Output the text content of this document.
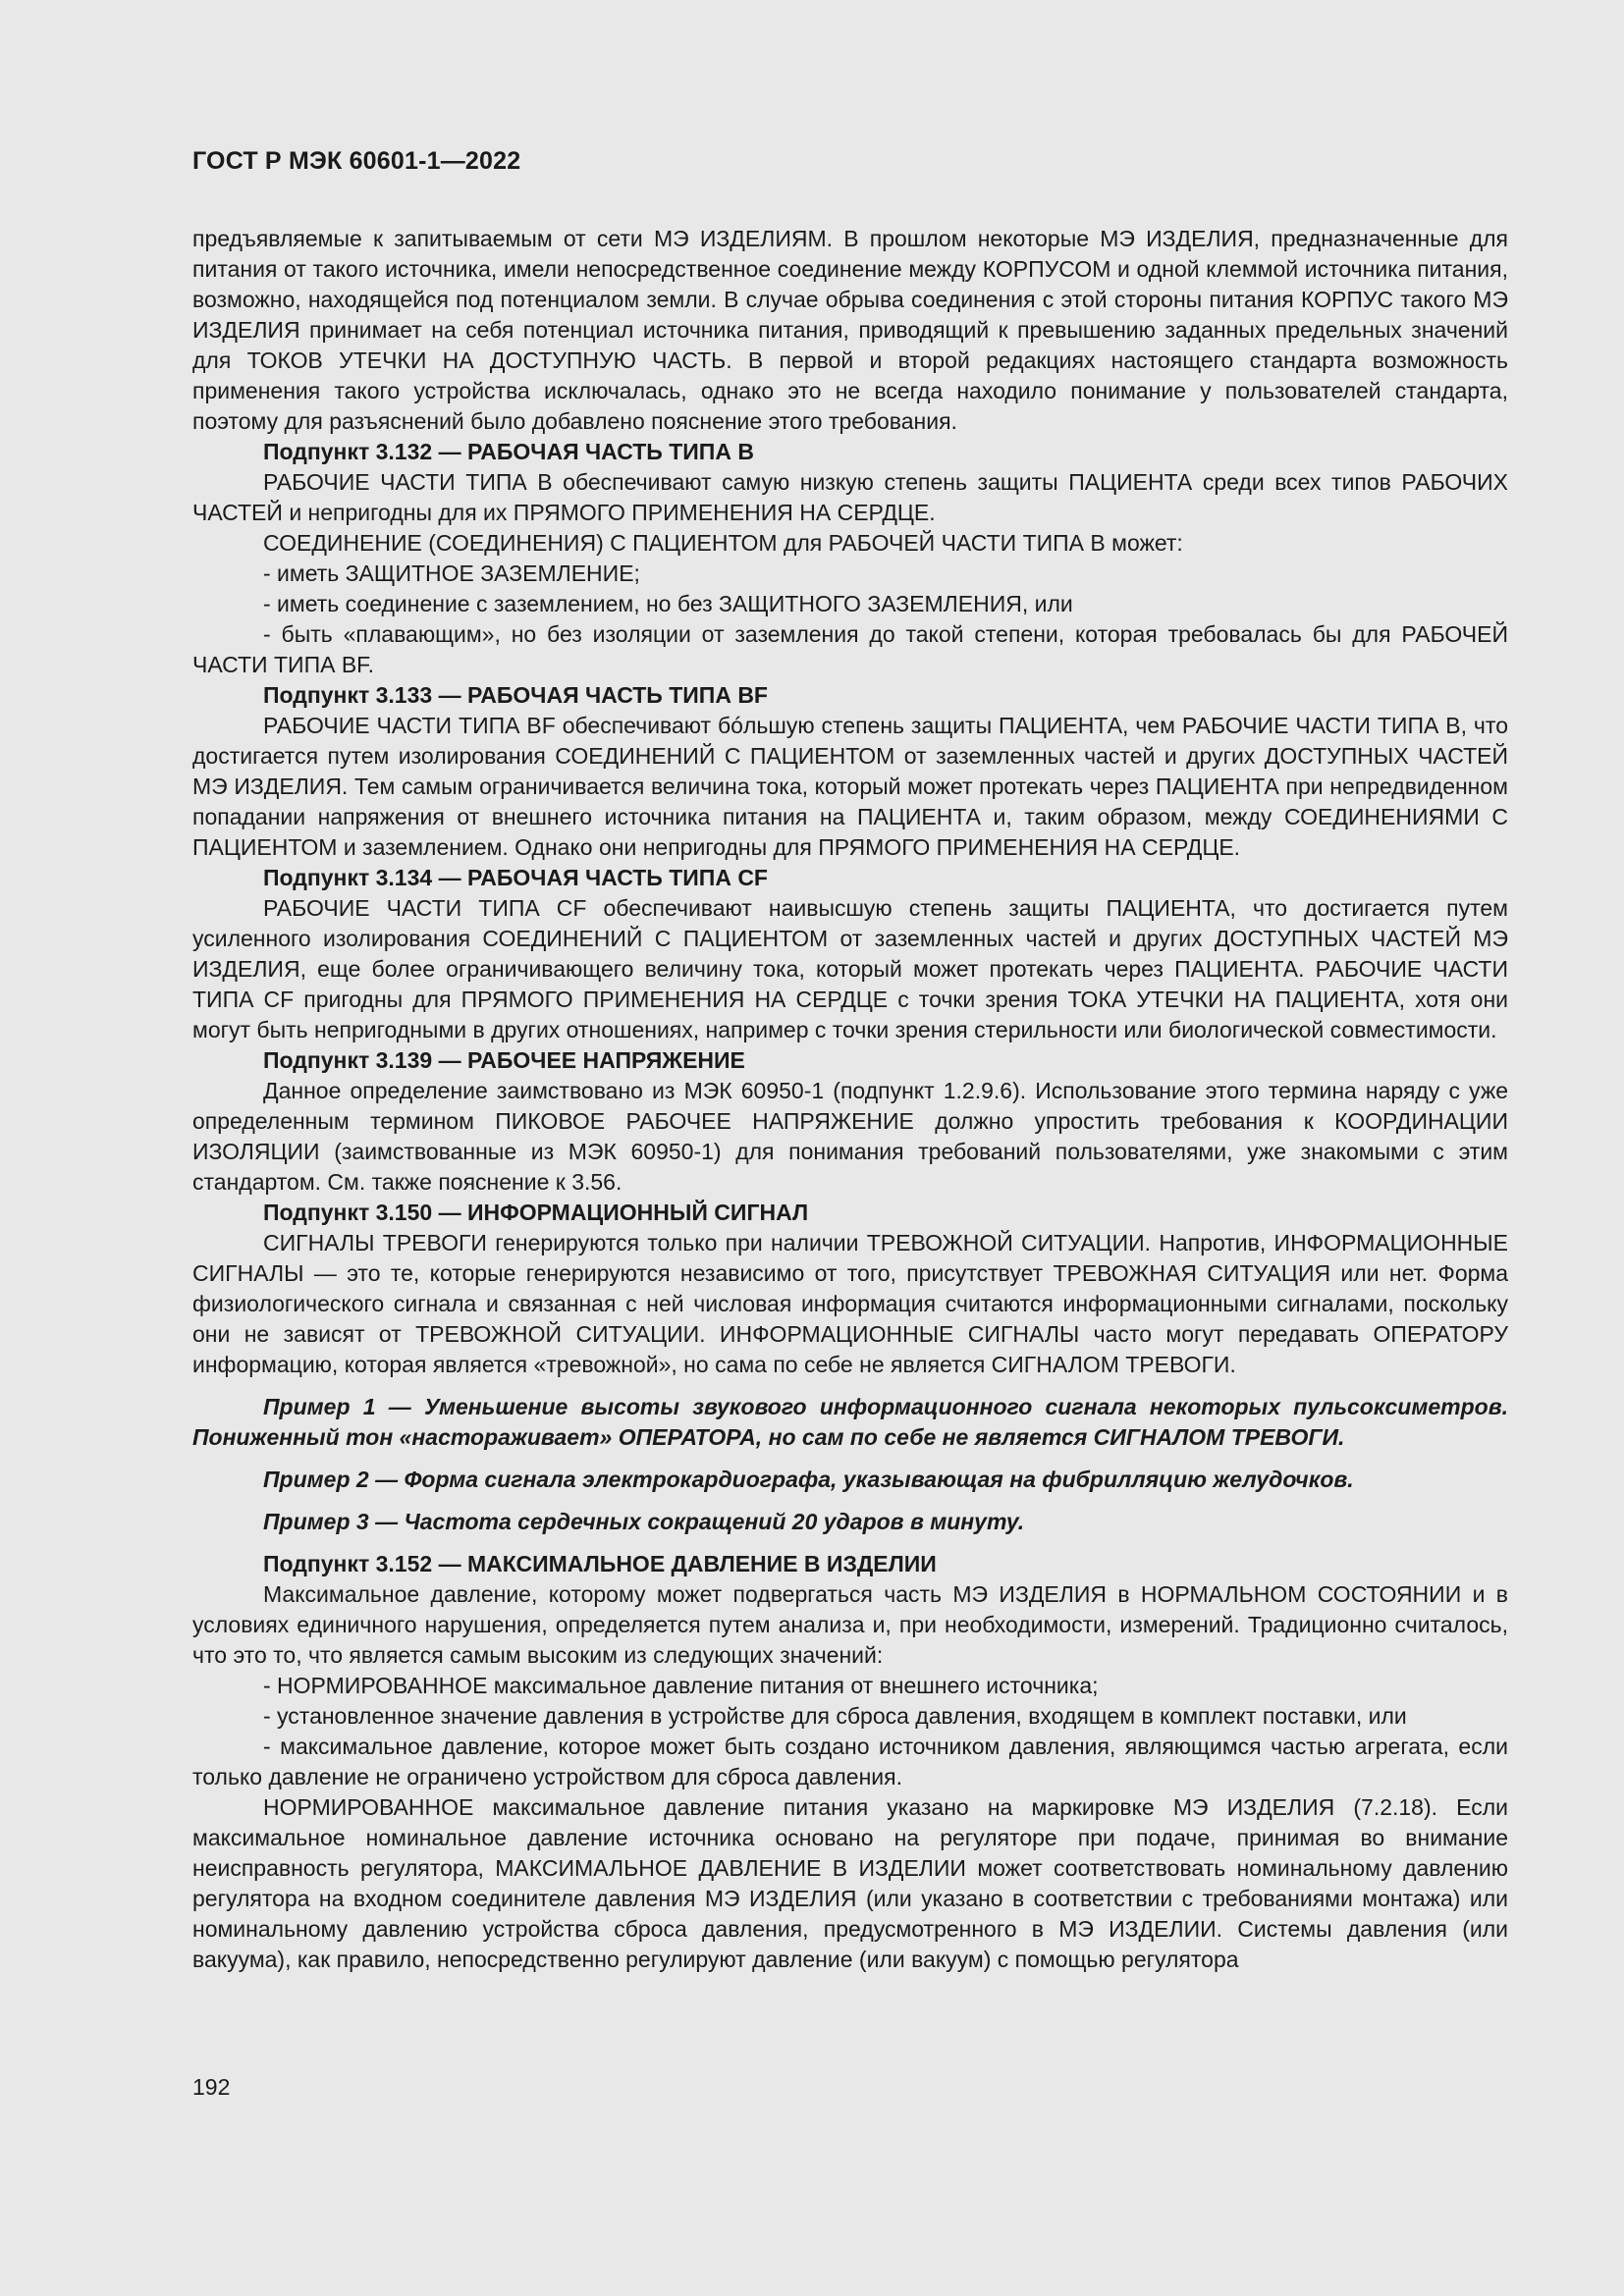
ГОСТ Р МЭК 60601-1—2022

предъявляемые к запитываемым от сети МЭ ИЗДЕЛИЯМ. В прошлом некоторые МЭ ИЗДЕЛИЯ, предназначенные для питания от такого источника, имели непосредственное соединение между КОРПУСОМ и одной клеммой источника питания, возможно, находящейся под потенциалом земли. В случае обрыва соединения с этой стороны питания КОРПУС такого МЭ ИЗДЕЛИЯ принимает на себя потенциал источника питания, приводящий к превышению заданных предельных значений для ТОКОВ УТЕЧКИ НА ДОСТУПНУЮ ЧАСТЬ. В первой и второй редакциях настоящего стандарта возможность применения такого устройства исключалась, однако это не всегда находило понимание у пользователей стандарта, поэтому для разъяснений было добавлено пояснение этого требования.

Подпункт 3.132 — РАБОЧАЯ ЧАСТЬ ТИПА В

РАБОЧИЕ ЧАСТИ ТИПА В обеспечивают самую низкую степень защиты ПАЦИЕНТА среди всех типов РАБОЧИХ ЧАСТЕЙ и непригодны для их ПРЯМОГО ПРИМЕНЕНИЯ НА СЕРДЦЕ.

СОЕДИНЕНИЕ (СОЕДИНЕНИЯ) С ПАЦИЕНТОМ для РАБОЧЕЙ ЧАСТИ ТИПА В может:

- иметь ЗАЩИТНОЕ ЗАЗЕМЛЕНИЕ;

- иметь соединение с заземлением, но без ЗАЩИТНОГО ЗАЗЕМЛЕНИЯ, или

- быть «плавающим», но без изоляции от заземления до такой степени, которая требовалась бы для РАБОЧЕЙ ЧАСТИ ТИПА BF.

Подпункт 3.133 — РАБОЧАЯ ЧАСТЬ ТИПА BF

РАБОЧИЕ ЧАСТИ ТИПА BF обеспечивают бóльшую степень защиты ПАЦИЕНТА, чем РАБОЧИЕ ЧАСТИ ТИПА В, что достигается путем изолирования СОЕДИНЕНИЙ С ПАЦИЕНТОМ от заземленных частей и других ДОСТУПНЫХ ЧАСТЕЙ МЭ ИЗДЕЛИЯ. Тем самым ограничивается величина тока, который может протекать через ПАЦИЕНТА при непредвиденном попадании напряжения от внешнего источника питания на ПАЦИЕНТА и, таким образом, между СОЕДИНЕНИЯМИ С ПАЦИЕНТОМ и заземлением. Однако они непригодны для ПРЯМОГО ПРИМЕНЕНИЯ НА СЕРДЦЕ.

Подпункт 3.134 — РАБОЧАЯ ЧАСТЬ ТИПА CF

РАБОЧИЕ ЧАСТИ ТИПА CF обеспечивают наивысшую степень защиты ПАЦИЕНТА, что достигается путем усиленного изолирования СОЕДИНЕНИЙ С ПАЦИЕНТОМ от заземленных частей и других ДОСТУПНЫХ ЧАСТЕЙ МЭ ИЗДЕЛИЯ, еще более ограничивающего величину тока, который может протекать через ПАЦИЕНТА. РАБОЧИЕ ЧАСТИ ТИПА CF пригодны для ПРЯМОГО ПРИМЕНЕНИЯ НА СЕРДЦЕ с точки зрения ТОКА УТЕЧКИ НА ПАЦИЕНТА, хотя они могут быть непригодными в других отношениях, например с точки зрения стерильности или биологической совместимости.

Подпункт 3.139 — РАБОЧЕЕ НАПРЯЖЕНИЕ

Данное определение заимствовано из МЭК 60950-1 (подпункт 1.2.9.6). Использование этого термина наряду с уже определенным термином ПИКОВОЕ РАБОЧЕЕ НАПРЯЖЕНИЕ должно упростить требования к КООРДИНАЦИИ ИЗОЛЯЦИИ (заимствованные из МЭК 60950-1) для понимания требований пользователями, уже знакомыми с этим стандартом. См. также пояснение к 3.56.

Подпункт 3.150 — ИНФОРМАЦИОННЫЙ СИГНАЛ

СИГНАЛЫ ТРЕВОГИ генерируются только при наличии ТРЕВОЖНОЙ СИТУАЦИИ. Напротив, ИНФОРМАЦИОННЫЕ СИГНАЛЫ — это те, которые генерируются независимо от того, присутствует ТРЕВОЖНАЯ СИТУАЦИЯ или нет. Форма физиологического сигнала и связанная с ней числовая информация считаются информационными сигналами, поскольку они не зависят от ТРЕВОЖНОЙ СИТУАЦИИ. ИНФОРМАЦИОННЫЕ СИГНАЛЫ часто могут передавать ОПЕРАТОРУ информацию, которая является «тревожной», но сама по себе не является СИГНАЛОМ ТРЕВОГИ.

Пример 1 — Уменьшение высоты звукового информационного сигнала некоторых пульсоксиметров. Пониженный тон «настораживает» ОПЕРАТОРА, но сам по себе не является СИГНАЛОМ ТРЕВОГИ.

Пример 2 — Форма сигнала электрокардиографа, указывающая на фибрилляцию желудочков.

Пример 3 — Частота сердечных сокращений 20 ударов в минуту.

Подпункт 3.152 — МАКСИМАЛЬНОЕ ДАВЛЕНИЕ В ИЗДЕЛИИ

Максимальное давление, которому может подвергаться часть МЭ ИЗДЕЛИЯ в НОРМАЛЬНОМ СОСТОЯНИИ и в условиях единичного нарушения, определяется путем анализа и, при необходимости, измерений. Традиционно считалось, что это то, что является самым высоким из следующих значений:

- НОРМИРОВАННОЕ максимальное давление питания от внешнего источника;

- установленное значение давления в устройстве для сброса давления, входящем в комплект поставки, или

- максимальное давление, которое может быть создано источником давления, являющимся частью агрегата, если только давление не ограничено устройством для сброса давления.

НОРМИРОВАННОЕ максимальное давление питания указано на маркировке МЭ ИЗДЕЛИЯ (7.2.18). Если максимальное номинальное давление источника основано на регуляторе при подаче, принимая во внимание неисправность регулятора, МАКСИМАЛЬНОЕ ДАВЛЕНИЕ В ИЗДЕЛИИ может соответствовать номинальному давлению регулятора на входном соединителе давления МЭ ИЗДЕЛИЯ (или указано в соответствии с требованиями монтажа) или номинальному давлению устройства сброса давления, предусмотренного в МЭ ИЗДЕЛИИ. Системы давления (или вакуума), как правило, непосредственно регулируют давление (или вакуум) с помощью регулятора

192
